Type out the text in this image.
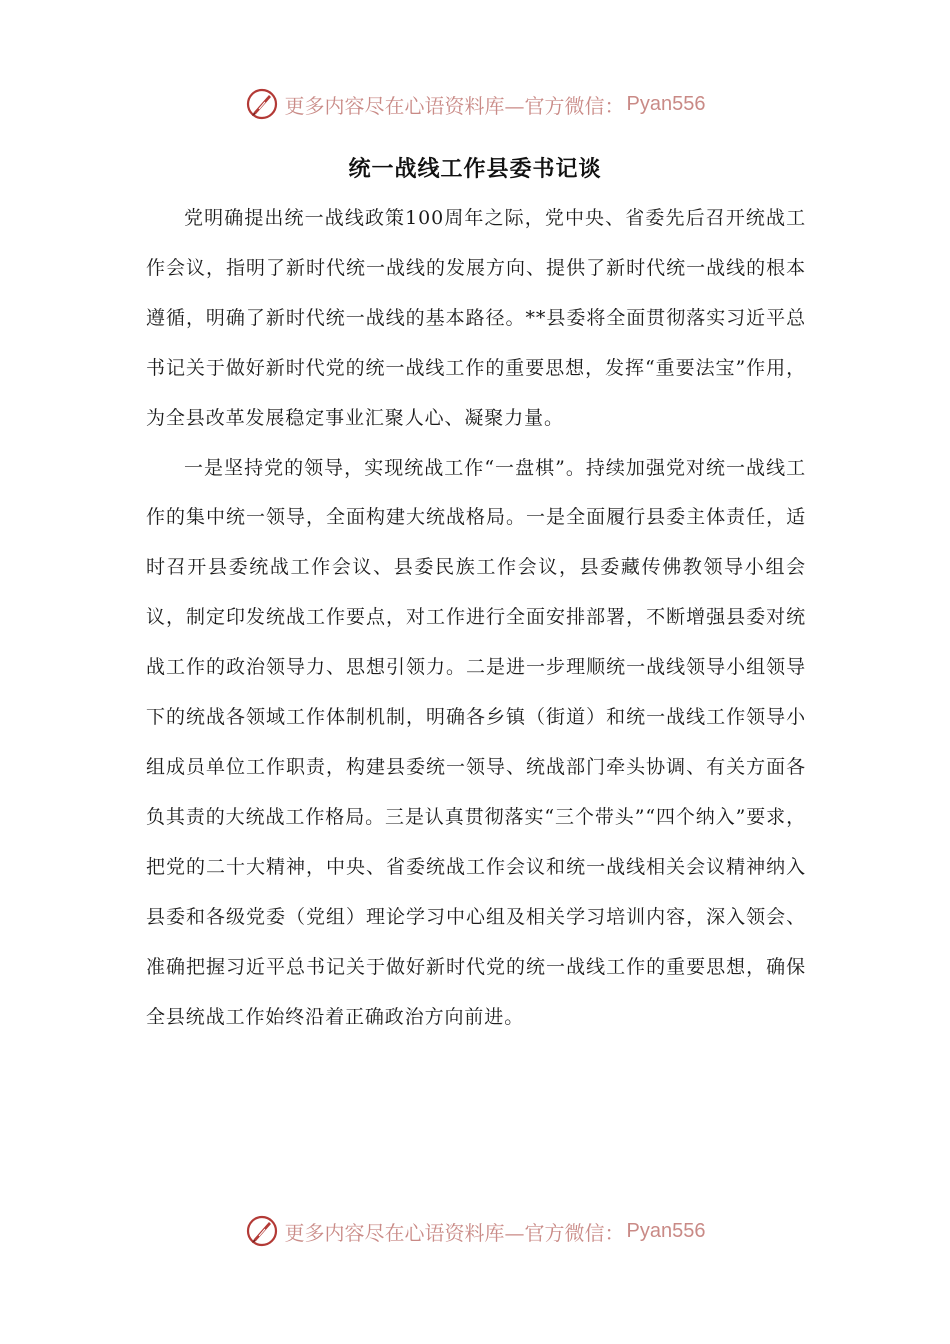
更多内容尽在心语资料库—官方微信： Pyan556
统一战线工作县委书记谈

党明确提出统一战线政策100周年之际，党中央、省委先后召开统战工作会议，指明了新时代统一战线的发展方向、提供了新时代统一战线的根本遵循，明确了新时代统一战线的基本路径。**县委将全面贯彻落实习近平总书记关于做好新时代党的统一战线工作的重要思想，发挥“重要法宝”作用，为全县改革发展稳定事业汇聚人心、凝聚力量。

一是坚持党的领导，实现统战工作“一盘棋”。持续加强党对统一战线工作的集中统一领导，全面构建大统战格局。一是全面履行县委主体责任，适时召开县委统战工作会议、县委民族工作会议，县委藏传佛教领导小组会议，制定印发统战工作要点，对工作进行全面安排部署，不断增强县委对统战工作的政治领导力、思想引领力。二是进一步理顺统一战线领导小组领导下的统战各领域工作体制机制，明确各乡镇（街道）和统一战线工作领导小组成员单位工作职责，构建县委统一领导、统战部门牵头协调、有关方面各负其责的大统战工作格局。三是认真贯彻落实“三个带头”“四个纳入”要求，把党的二十大精神，中央、省委统战工作会议和统一战线相关会议精神纳入县委和各级党委（党组）理论学习中心组及相关学习培训内容，深入领会、准确把握习近平总书记关于做好新时代党的统一战线工作的重要思想，确保全县统战工作始终沿着正确政治方向前进。

更多内容尽在心语资料库—官方微信： Pyan556
